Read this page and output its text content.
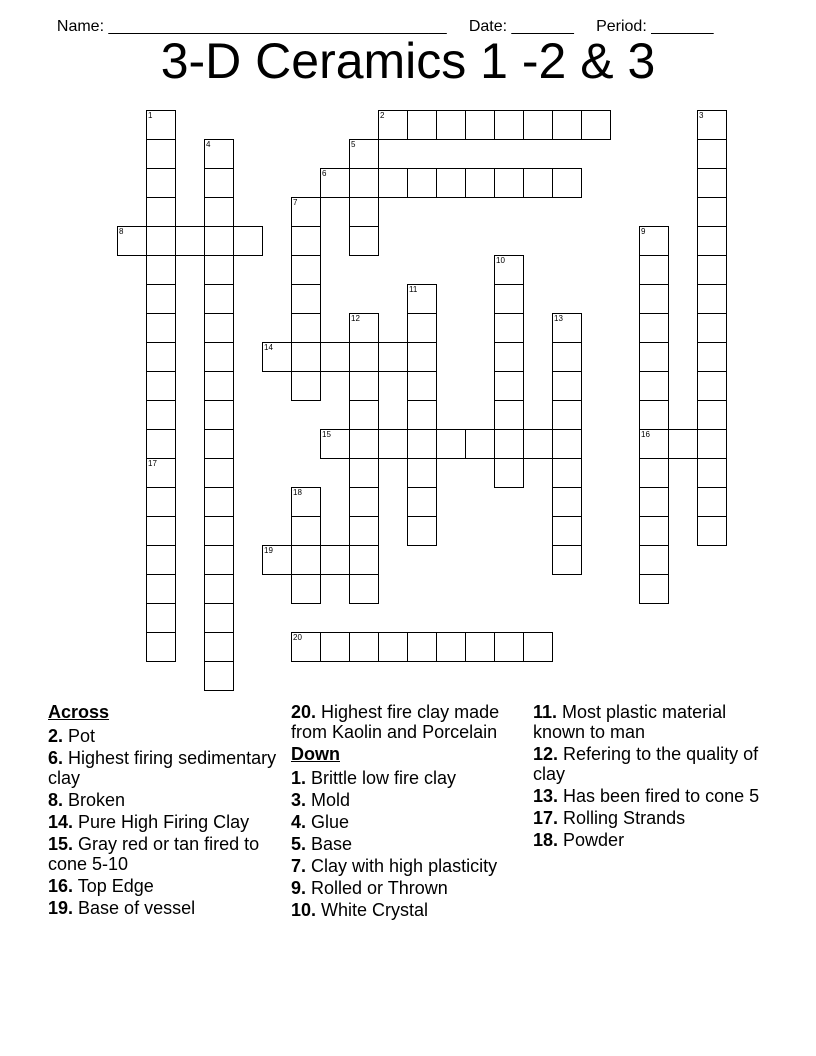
Name: ______________________________________ Date: _______ Period: _______

3-D Ceramics 1 -2 & 3
1
17
2	3
4	5
6
7
8	9
16
10
11
12	13
14
15
18
19
20
Across
2. Pot
6. Highest firing sedimentary clay
8. Broken
14. Pure High Firing Clay
15. Gray red or tan fired to cone 5-10
16. Top Edge
19. Base of vessel
20. Highest fire clay made from Kaolin and Porcelain
Down
1. Brittle low fire clay
3. Mold
4. Glue
5. Base
7. Clay with high plasticity
9. Rolled or Thrown
10. White Crystal
11. Most plastic material known to man
12. Refering to the quality of clay
13. Has been fired to cone 5
17. Rolling Strands
18. Powder
